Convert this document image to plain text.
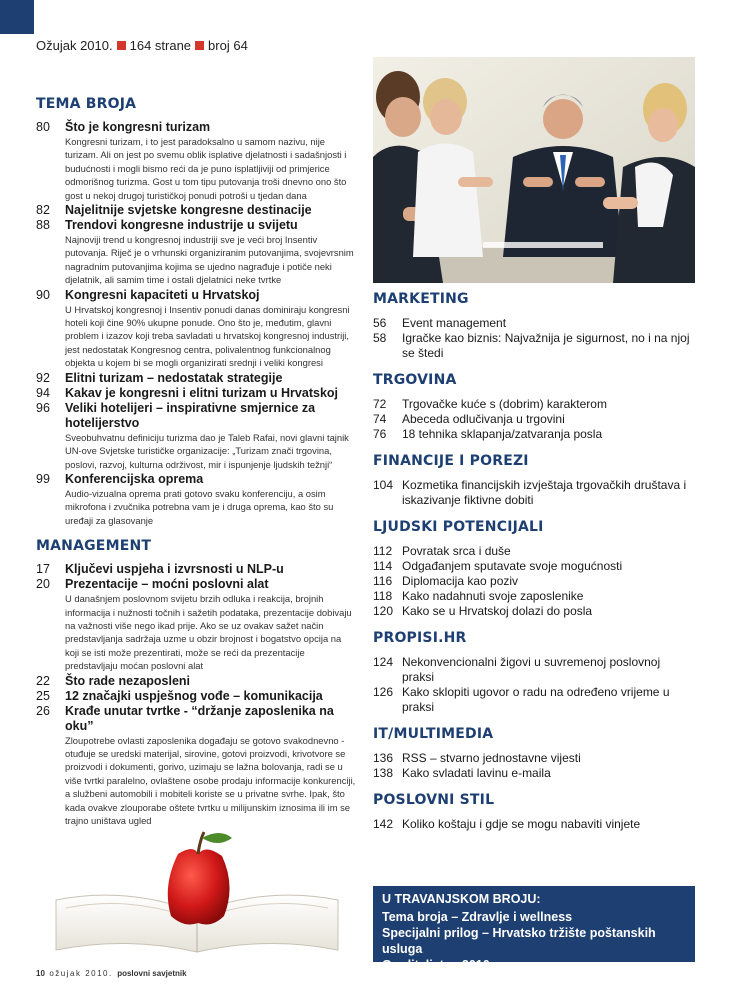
Ožujak 2010. 164 strane broj 64
TEMA BROJA
80	Što je kongresni turizam
Kongresni turizam, i to jest paradoksalno u samom nazivu, nije turizam. Ali on jest po svemu oblik isplative djelatnosti i sadašnjosti i budućnosti i mogli bismo reći da je puno isplatljiviji od primjerice odmorišnog turizma. Gost u tom tipu putovanja troši dnevno ono što gost u nekoj drugoj turističkoj ponudi potroši u tjedan dana
82	Najelitnije svjetske kongresne destinacije
88	Trendovi kongresne industrije u svijetu
Najnoviji trend u kongresnoj industriji sve je veći broj Insentiv putovanja. Riječ je o vrhunski organiziranim putovanjima, svojevrsnim nagradnim putovanjima kojima se ujedno nagrađuje i potiče neki djelatnik, ali samim time i ostali djelatnici neke tvrtke
90	Kongresni kapaciteti u Hrvatskoj
U Hrvatskoj kongresnoj i Insentiv ponudi danas dominiraju kongresni hoteli koji čine 90% ukupne ponude. Ono što je, međutim, glavni problem i izazov koji treba savladati u hrvatskoj kongresnoj industriji, jest nedostatak Kongresnog centra, polivalentnog funkcionalnog objekta u kojem bi se mogli organizirati srednji i veliki kongresi
92	Elitni turizam – nedostatak strategije
94	Kakav je kongresni i elitni turizam u Hrvatskoj
96	Veliki hotelijeri – inspirativne smjernice za hotelijerstvo
Sveobuhvatnu definiciju turizma dao je Taleb Rafai, novi glavni tajnik UN-ove Svjetske turističke organizacije: „Turizam znači trgovina, poslovi, razvoj, kulturna održivost, mir i ispunjenje ljudskih težnji“
99	Konferencijska oprema
Audio-vizualna oprema prati gotovo svaku konferenciju, a osim mikrofona i zvučnika potrebna vam je i druga oprema, kao što su uređaji za glasovanje
MANAGEMENT
17	Ključevi uspjeha i izvrsnosti u NLP-u
20	Prezentacije – moćni poslovni alat
U današnjem poslovnom svijetu brzih odluka i reakcija, brojnih informacija i nužnosti točnih i sažetih podataka, prezentacije dobivaju na važnosti više nego ikad prije. Ako se uz ovakav sažet način predstavljanja sadržaja uzme u obzir brojnost i bogatstvo opcija na koji se isti može prezentirati, može se reći da prezentacije predstavljaju moćan poslovni alat
22	Što rade nezaposleni
25	12 značajki uspješnog vođe – komunikacija
26	Krađe unutar tvrtke - “držanje zaposlenika na oku”
Zloupotrebe ovlasti zaposlenika događaju se gotovo svakodnevno - otuđuje se uredski materijal, sirovine, gotovi proizvodi, krivotvore se proizvodi i dokumenti, gorivo, uzimaju se lažna bolovanja, radi se u više tvrtki paralelno, ovlaštene osobe prodaju informacije konkurenciji, a službeni automobili i mobiteli koriste se u privatne svrhe. Ipak, što kada ovakve zlouporabe oštete tvrtku u milijunskim iznosima ili im se trajno uništava ugled
MARKETING
56	Event management
58	Igračke kao biznis: Najvažnija je sigurnost, no i na njoj se štedi
TRGOVINA
72	Trgovačke kuće s (dobrim) karakterom
74	Abeceda odlučivanja u trgovini
76	18 tehnika sklapanja/zatvaranja posla
FINANCIJE I POREZI
104 Kozmetika financijskih izvještaja trgovačkih društava i iskazivanje fiktivne dobiti
LJUDSKI POTENCIJALI
112 Povratak srca i duše
114 Odgađanjem sputavate svoje mogućnosti
116 Diplomacija kao poziv
118 Kako nadahnuti svoje zaposlenike
120 Kako se u Hrvatskoj dolazi do posla
PROPISI.HR
124 Nekonvencionalni žigovi u suvremenoj poslovnoj praksi
126 Kako sklopiti ugovor o radu na određeno vrijeme u praksi
IT/MULTIMEDIA
136 RSS – stvarno jednostavne vijesti
138 Kako svladati lavinu e-maila
POSLOVNI STIL
142 Koliko koštaju i gdje se mogu nabaviti vinjete
U TRAVANJSKOM BROJU:
Tema broja – Zdravlje i wellness
Specijalni prilog – Hrvatsko tržište poštanskih usluga
Graditeljstvo 2010.
10 ožujak 2010. poslovni savjetnik
